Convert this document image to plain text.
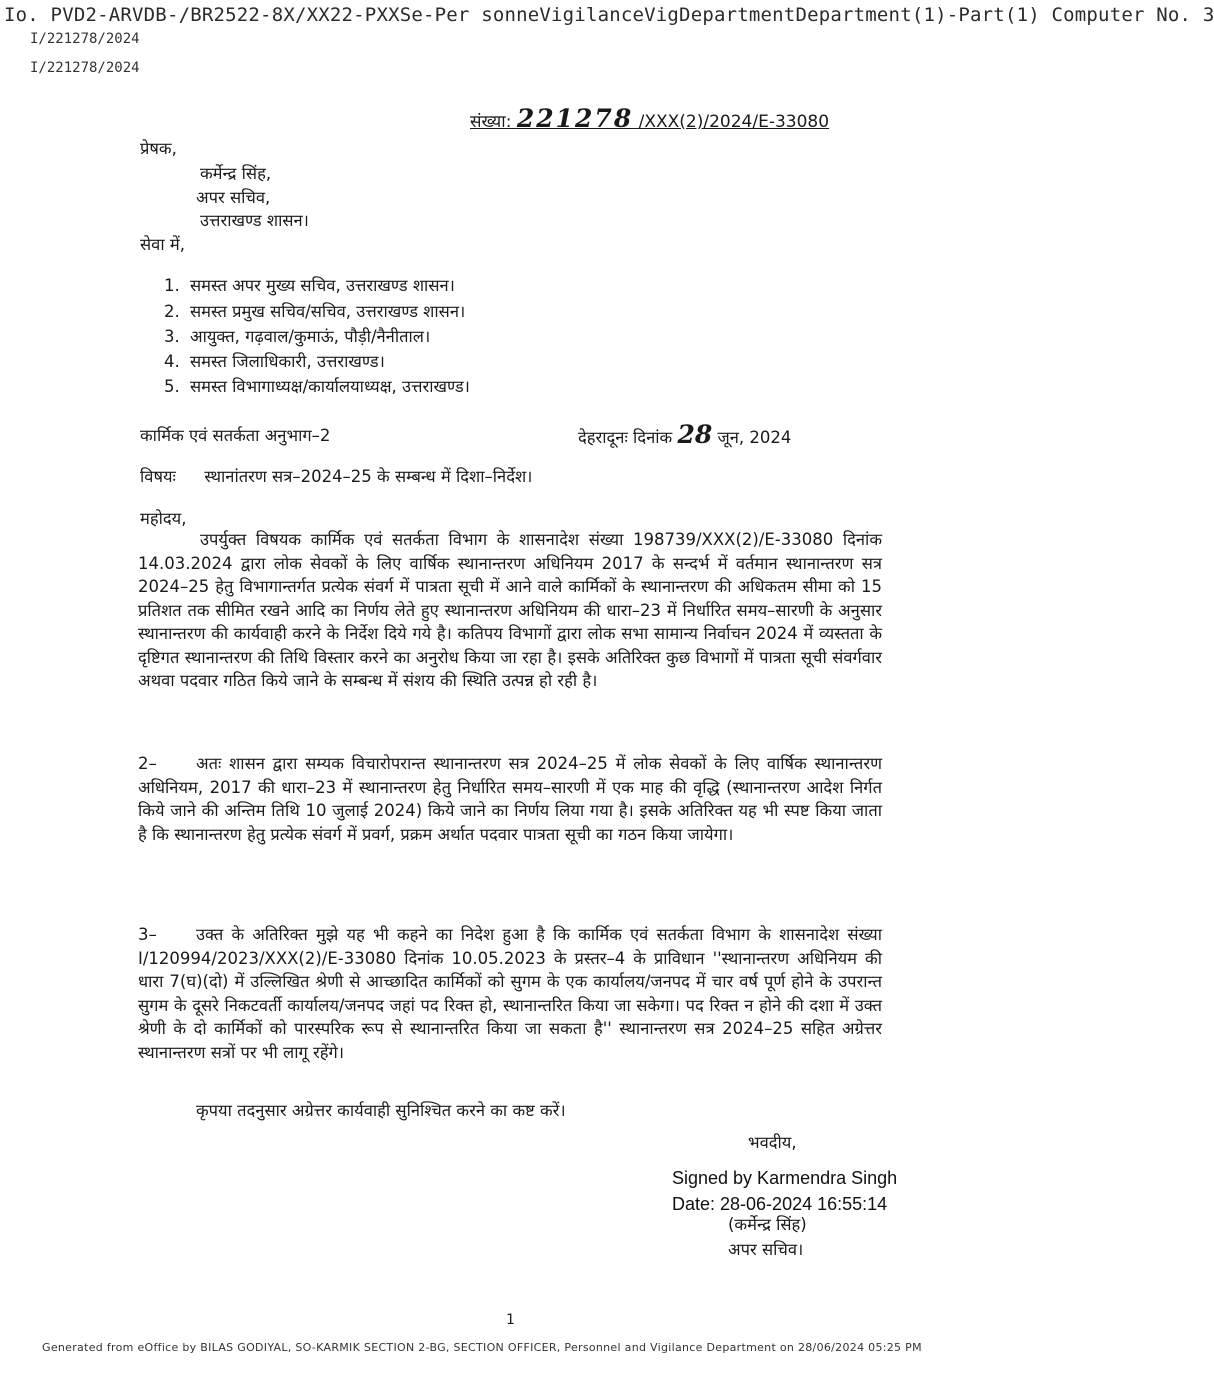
Io. PVD2-ARVDB-/BR2522-8X/XX22-PXXSe-Per sonneVigilanceVigDepartmentDepartment(1)-Part(1) Computer No. 3
I/221278/2024
I/221278/2024
संख्या: 221278 /XXX(2)/2024/E-33080
प्रेषक,
कर्मेन्द्र सिंह,
अपर सचिव,
उत्तराखण्ड शासन।
सेवा में,
1. समस्त अपर मुख्य सचिव, उत्तराखण्ड शासन।
2. समस्त प्रमुख सचिव/सचिव, उत्तराखण्ड शासन।
3. आयुक्त, गढ़वाल/कुमाऊं, पौड़ी/नैनीताल।
4. समस्त जिलाधिकारी, उत्तराखण्ड।
5. समस्त विभागाध्यक्ष/कार्यालयाध्यक्ष, उत्तराखण्ड।
कार्मिक एवं सतर्कता अनुभाग–2	देहरादूनः दिनांक 28 जून, 2024
विषयः स्थानांतरण सत्र–2024–25 के सम्बन्ध में दिशा–निर्देश।
महोदय,
उपर्युक्त विषयक कार्मिक एवं सतर्कता विभाग के शासनादेश संख्या 198739/XXX(2)/E-33080 दिनांक 14.03.2024 द्वारा लोक सेवकों के लिए वार्षिक स्थानान्तरण अधिनियम 2017 के सन्दर्भ में वर्तमान स्थानान्तरण सत्र 2024–25 हेतु विभागान्तर्गत प्रत्येक संवर्ग में पात्रता सूची में आने वाले कार्मिकों के स्थानान्तरण की अधिकतम सीमा को 15 प्रतिशत तक सीमित रखने आदि का निर्णय लेते हुए स्थानान्तरण अधिनियम की धारा–23 में निर्धारित समय–सारणी के अनुसार स्थानान्तरण की कार्यवाही करने के निर्देश दिये गये है। कतिपय विभागों द्वारा लोक सभा सामान्य निर्वाचन 2024 में व्यस्तता के दृष्टिगत स्थानान्तरण की तिथि विस्तार करने का अनुरोध किया जा रहा है। इसके अतिरिक्त कुछ विभागों में पात्रता सूची संवर्गवार अथवा पदवार गठित किये जाने के सम्बन्ध में संशय की स्थिति उत्पन्न हो रही है।
2– अतः शासन द्वारा सम्यक विचारोपरान्त स्थानान्तरण सत्र 2024–25 में लोक सेवकों के लिए वार्षिक स्थानान्तरण अधिनियम, 2017 की धारा–23 में स्थानान्तरण हेतु निर्धारित समय–सारणी में एक माह की वृद्धि (स्थानान्तरण आदेश निर्गत किये जाने की अन्तिम तिथि 10 जुलाई 2024) किये जाने का निर्णय लिया गया है। इसके अतिरिक्त यह भी स्पष्ट किया जाता है कि स्थानान्तरण हेतु प्रत्येक संवर्ग में प्रवर्ग, प्रक्रम अर्थात पदवार पात्रता सूची का गठन किया जायेगा।
3– उक्त के अतिरिक्त मुझे यह भी कहने का निदेश हुआ है कि कार्मिक एवं सतर्कता विभाग के शासनादेश संख्या I/120994/2023/XXX(2)/E-33080 दिनांक 10.05.2023 के प्रस्तर–4 के प्राविधान ''स्थानान्तरण अधिनियम की धारा 7(घ)(दो) में उल्लिखित श्रेणी से आच्छादित कार्मिकों को सुगम के एक कार्यालय/जनपद में चार वर्ष पूर्ण होने के उपरान्त सुगम के दूसरे निकटवर्ती कार्यालय/जनपद जहां पद रिक्त हो, स्थानान्तरित किया जा सकेगा। पद रिक्त न होने की दशा में उक्त श्रेणी के दो कार्मिकों को पारस्परिक रूप से स्थानान्तरित किया जा सकता है'' स्थानान्तरण सत्र 2024–25 सहित अग्रेत्तर स्थानान्तरण सत्रों पर भी लागू रहेंगे।
कृपया तदनुसार अग्रेत्तर कार्यवाही सुनिश्चित करने का कष्ट करें।
भवदीय,
Signed by Karmendra Singh
Date: 28-06-2024 16:55:14
(कर्मेन्द्र सिंह)
अपर सचिव।
1
Generated from eOffice by BILAS GODIYAL, SO-KARMIK SECTION 2-BG, SECTION OFFICER, Personnel and Vigilance Department on 28/06/2024 05:25 PM
